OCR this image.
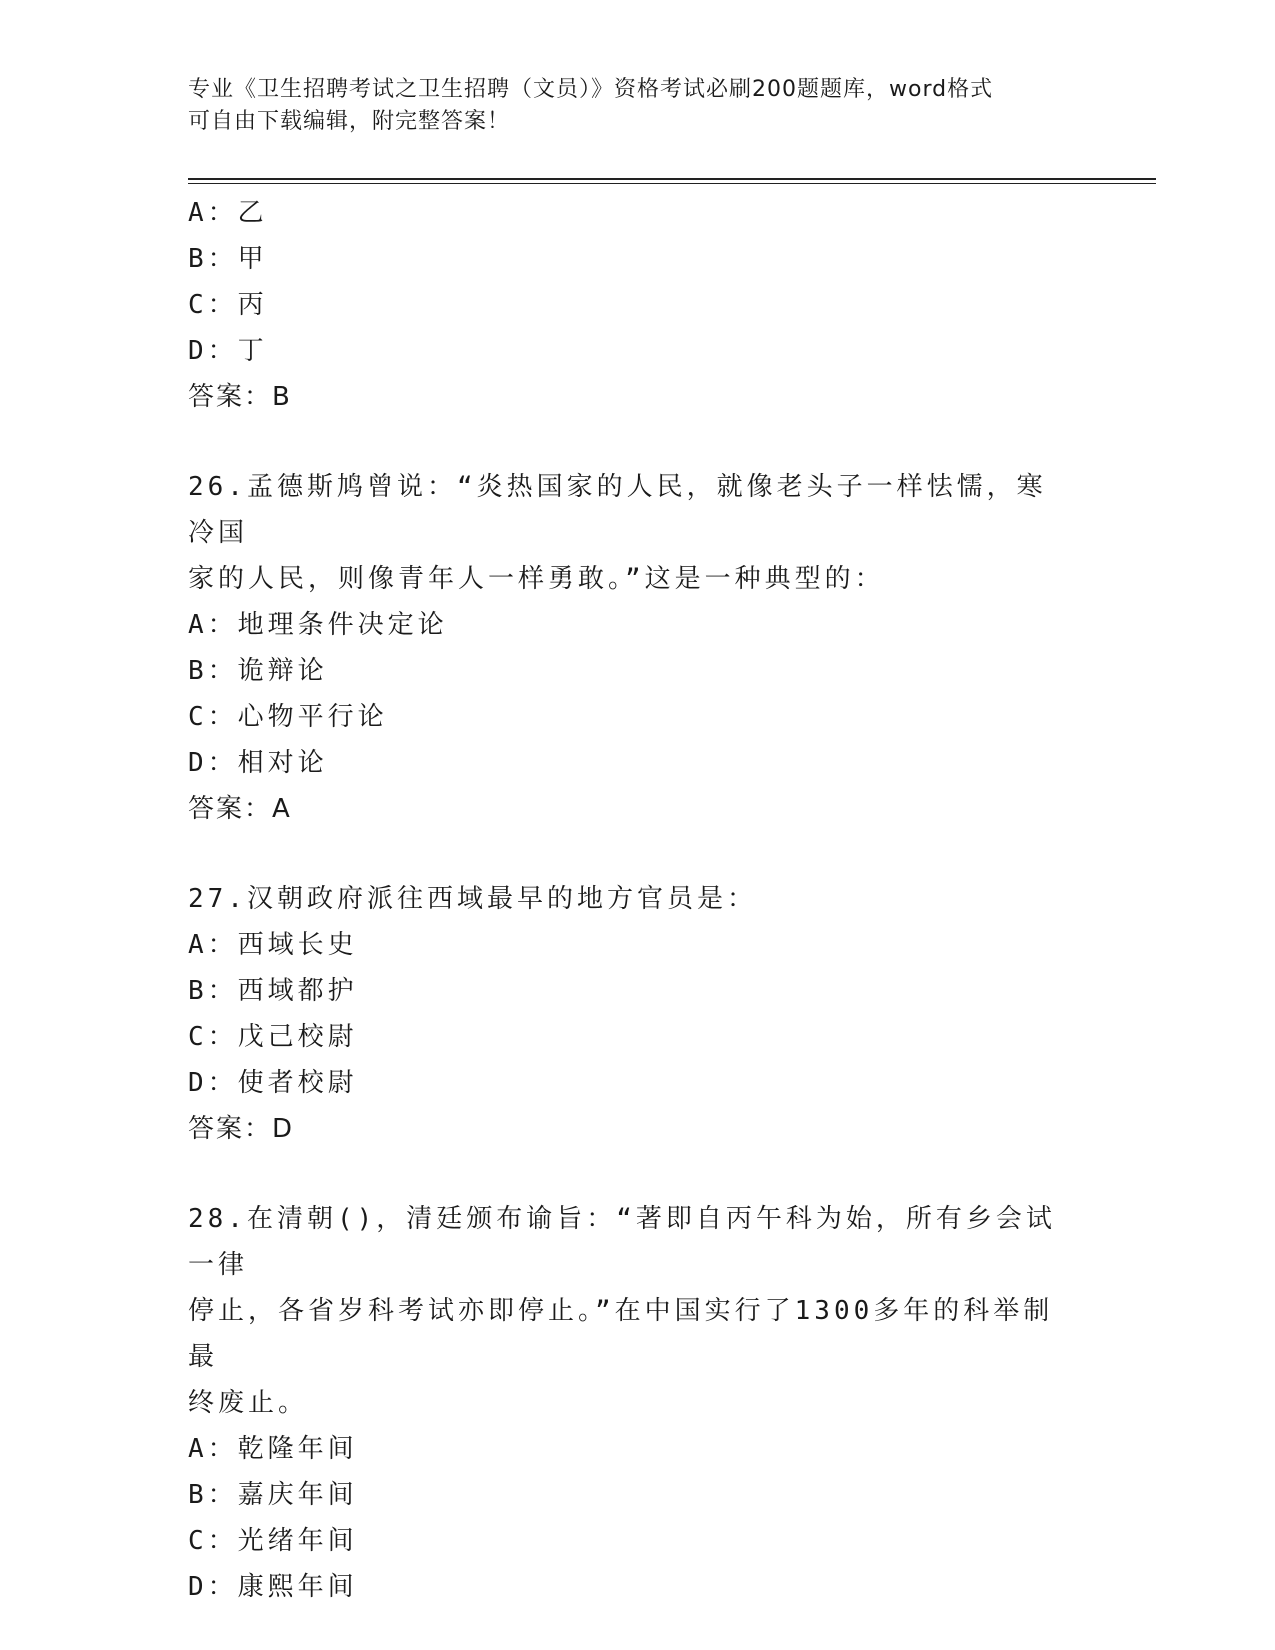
专业《卫生招聘考试之卫生招聘（文员）》资格考试必刷200题题库，word格式
可自由下载编辑，附完整答案！
A：乙
B：甲
C：丙
D：丁
答案：B
26.孟德斯鸠曾说：“炎热国家的人民，就像老头子一样怯懦，寒冷国
家的人民，则像青年人一样勇敢。”这是一种典型的：
A：地理条件决定论
B：诡辩论
C：心物平行论
D：相对论
答案：A
27.汉朝政府派往西域最早的地方官员是：
A：西域长史
B：西域都护
C：戊己校尉
D：使者校尉
答案：D
28.在清朝()，清廷颁布谕旨：“著即自丙午科为始，所有乡会试一律
停止，各省岁科考试亦即停止。”在中国实行了1300多年的科举制最
终废止。
A：乾隆年间
B：嘉庆年间
C：光绪年间
D：康熙年间
